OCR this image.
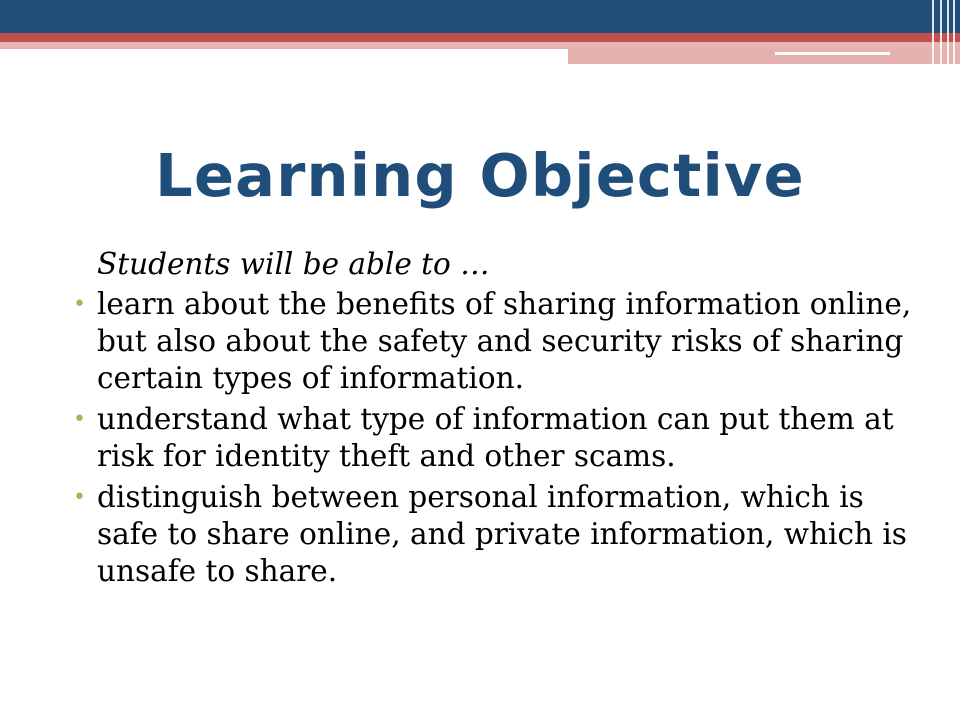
Learning Objective

Students will be able to …

• learn about the benefits of sharing information online, but also about the safety and security risks of sharing certain types of information.
• understand what type of information can put them at risk for identity theft and other scams.
• distinguish between personal information, which is safe to share online, and private information, which is unsafe to share.
